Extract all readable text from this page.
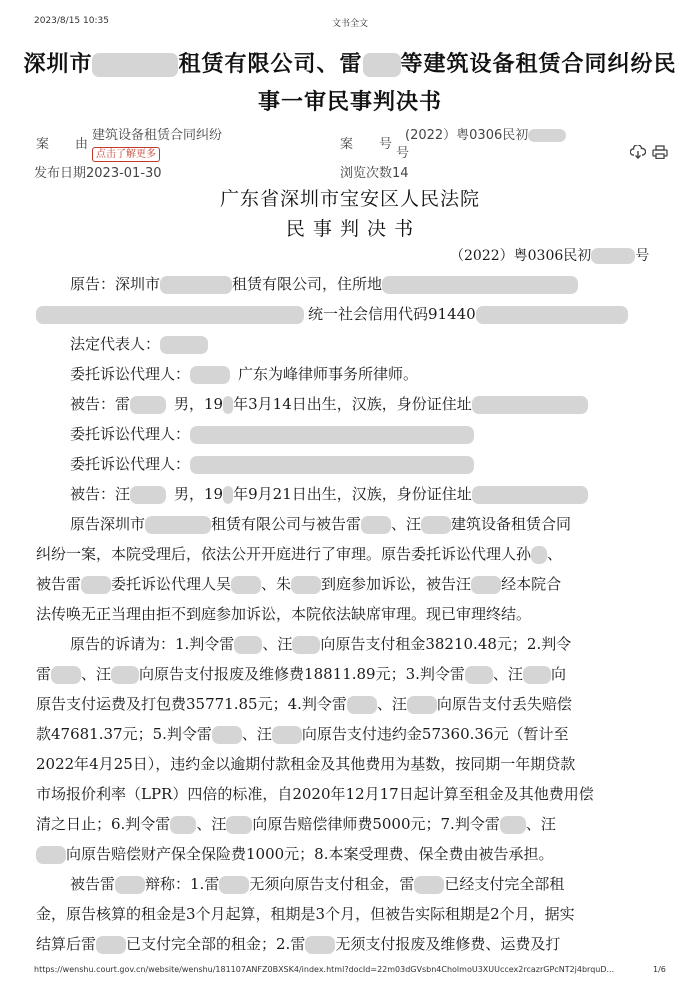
2023/8/15 10:35	文书全文
深圳市	租赁有限公司、雷 等建筑设备租赁合同纠纷民
事一审民事判决书
案　　由
建筑设备租赁合同纠纷
点击了解更多
案　　号
(2022）粤0306民初
号
发布日期2023-01-30	浏览次数14
广东省深圳市宝安区人民法院
民 事 判 决 书
（2022）粤0306民初	号
原告：深圳市	租赁有限公司，住所地
统一社会信用代码91440
法定代表人：
委托诉讼代理人：	广东为峰律师事务所律师。
被告：雷	男，19 年3月14日出生，汉族，身份证住址
委托诉讼代理人：
委托诉讼代理人：
被告：汪	男，19 年9月21日出生，汉族，身份证住址
原告深圳市	租赁有限公司与被告雷 、汪 建筑设备租赁合同
纠纷一案，本院受理后，依法公开开庭进行了审理。原告委托诉讼代理人孙 、
被告雷 委托诉讼代理人吴 、朱 到庭参加诉讼，被告汪 经本院合
法传唤无正当理由拒不到庭参加诉讼，本院依法缺席审理。现已审理终结。
原告的诉请为：1.判令雷 、汪 向原告支付租金38210.48元；2.判令
雷 、汪 向原告支付报废及维修费18811.89元；3.判令雷 、汪 向
原告支付运费及打包费35771.85元；4.判令雷 、汪 向原告支付丢失赔偿
款47681.37元；5.判令雷 、汪 向原告支付违约金57360.36元（暂计至
2022年4月25日），违约金以逾期付款租金及其他费用为基数，按同期一年期贷款
市场报价利率（LPR）四倍的标准，自2020年12月17日起计算至租金及其他费用偿
清之日止；6.判令雷 、汪 向原告赔偿律师费5000元；7.判令雷 、汪
向原告赔偿财产保全保险费1000元；8.本案受理费、保全费由被告承担。
被告雷 辩称：1.雷 无须向原告支付租金，雷 已经支付完全部租
金，原告核算的租金是3个月起算，租期是3个月，但被告实际租期是2个月，据实
结算后雷 已支付完全部的租金；2.雷 无须支付报废及维修费、运费及打
https://wenshu.court.gov.cn/website/wenshu/181107ANFZ0BXSK4/index.html?docId=22m03dGVsbn4CholmoU3XUUccex2rcazrGPcNT2j4brquD...	1/6
